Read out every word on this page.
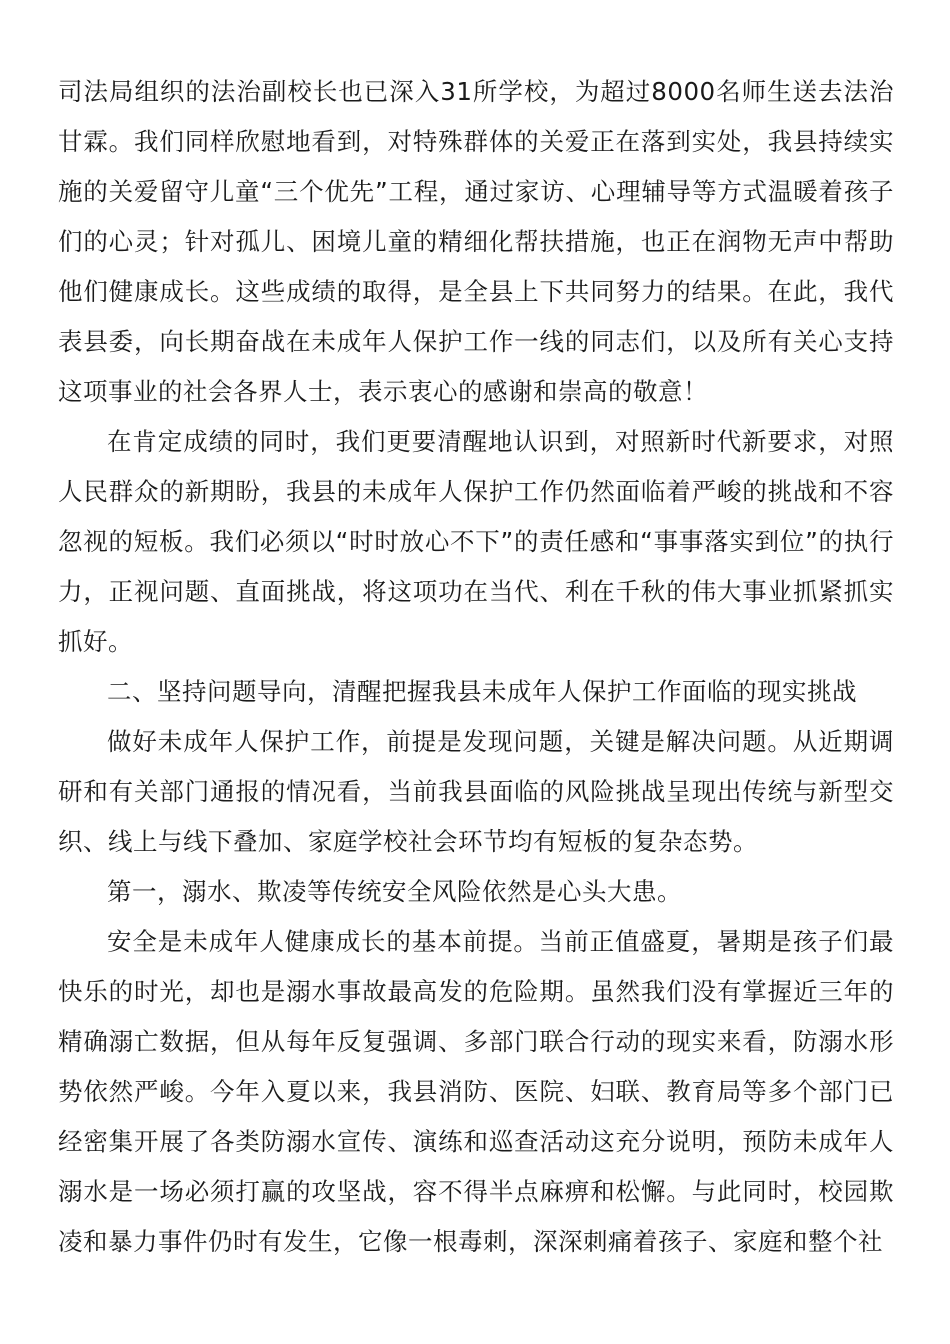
司法局组织的法治副校长也已深入31所学校，为超过8000名师生送去法治甘霖。我们同样欣慰地看到，对特殊群体的关爱正在落到实处，我县持续实施的关爱留守儿童“三个优先”工程，通过家访、心理辅导等方式温暖着孩子们的心灵；针对孤儿、困境儿童的精细化帮扶措施，也正在润物无声中帮助他们健康成长。这些成绩的取得，是全县上下共同努力的结果。在此，我代表县委，向长期奋战在未成年人保护工作一线的同志们，以及所有关心支持这项事业的社会各界人士，表示衷心的感谢和崇高的敬意！

在肯定成绩的同时，我们更要清醒地认识到，对照新时代新要求，对照人民群众的新期盼，我县的未成年人保护工作仍然面临着严峻的挑战和不容忽视的短板。我们必须以“时时放心不下”的责任感和“事事落实到位”的执行力，正视问题、直面挑战，将这项功在当代、利在千秋的伟大事业抓紧抓实抓好。

二、坚持问题导向，清醒把握我县未成年人保护工作面临的现实挑战

做好未成年人保护工作，前提是发现问题，关键是解决问题。从近期调研和有关部门通报的情况看，当前我县面临的风险挑战呈现出传统与新型交织、线上与线下叠加、家庭学校社会环节均有短板的复杂态势。

第一，溺水、欺凌等传统安全风险依然是心头大患。

安全是未成年人健康成长的基本前提。当前正值盛夏，暑期是孩子们最快乐的时光，却也是溺水事故最高发的危险期。虽然我们没有掌握近三年的精确溺亡数据，但从每年反复强调、多部门联合行动的现实来看，防溺水形势依然严峻。今年入夏以来，我县消防、医院、妇联、教育局等多个部门已经密集开展了各类防溺水宣传、演练和巡查活动这充分说明，预防未成年人溺水是一场必须打赢的攻坚战，容不得半点麻痹和松懈。与此同时，校园欺凌和暴力事件仍时有发生，它像一根毒刺，深深刺痛着孩子、家庭和整个社
